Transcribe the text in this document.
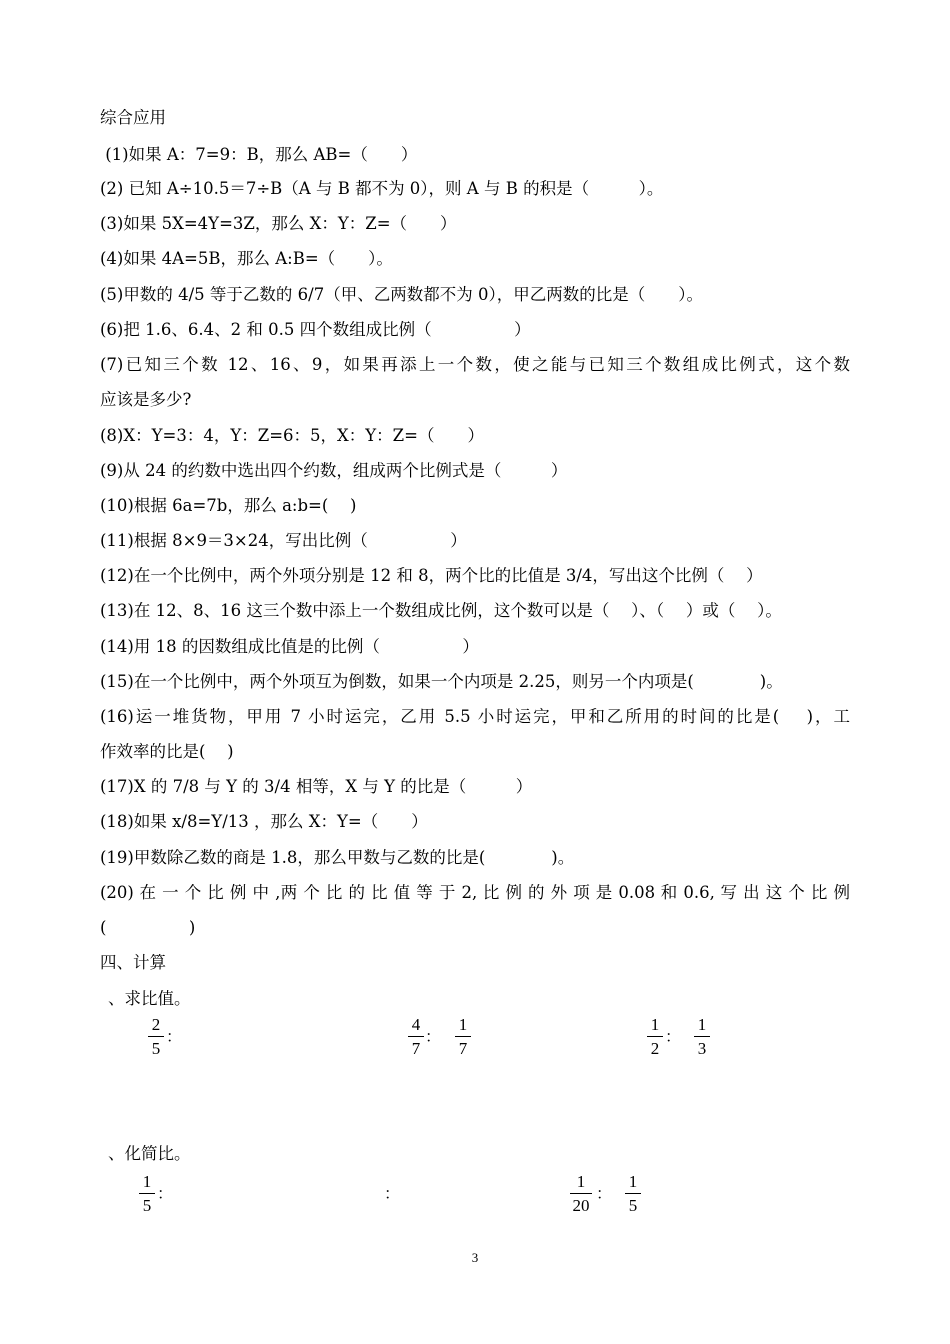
综合应用
(1)如果 A：7=9：B，那么 AB=（　　）
(2) 已知 A÷10.5＝7÷B（A 与 B 都不为 0），则 A 与 B 的积是（　　　）。
(3)如果 5X=4Y=3Z，那么 X：Y：Z=（　　）
(4)如果 4A=5B，那么 A:B=（　　）。
(5)甲数的 4/5 等于乙数的 6/7（甲、乙两数都不为 0），甲乙两数的比是（　　）。
(6)把 1.6、6.4、2 和 0.5 四个数组成比例（　　　　　）
(7)已知三个数 12、16、9，如果再添上一个数，使之能与已知三个数组成比例式，这个数
应该是多少?
(8)X：Y=3：4，Y：Z=6：5，X：Y：Z=（　　）
(9)从 24 的约数中选出四个约数，组成两个比例式是（　　　）
(10)根据 6a=7b，那么 a:b=(　 )
(11)根据 8×9＝3×24，写出比例（　　　　　）
(12)在一个比例中，两个外项分别是 12 和 8，两个比的比值是 3/4，写出这个比例（　 ）
(13)在 12、8、16 这三个数中添上一个数组成比例，这个数可以是（　 ）、（　 ）或（　 ）。
(14)用 18 的因数组成比值是的比例（　　　　　）
(15)在一个比例中，两个外项互为倒数，如果一个内项是 2.25，则另一个内项是(　　　　)。
(16)运一堆货物，甲用 7 小时运完，乙用 5.5 小时运完，甲和乙所用的时间的比是(　 )，工
作效率的比是(　 )
(17)X 的 7/8 与 Y 的 3/4 相等，X 与 Y 的比是（　　　）
(18)如果 x/8=Y/13 ，那么 X：Y=（　　）
(19)甲数除乙数的商是 1.8，那么甲数与乙数的比是(　　　　)。
(20) 在 一 个 比 例 中 ,两 个 比 的 比 值 等 于 2, 比 例 的 外 项 是 0.08 和 0.6, 写 出 这 个 比 例
(　　　　　)
四、计算
、求比值。
2
5
：
4
7
：
1
7
1
2
：
1
3
、化简比。
1
5
：	：
1
20
：
1
5
3
